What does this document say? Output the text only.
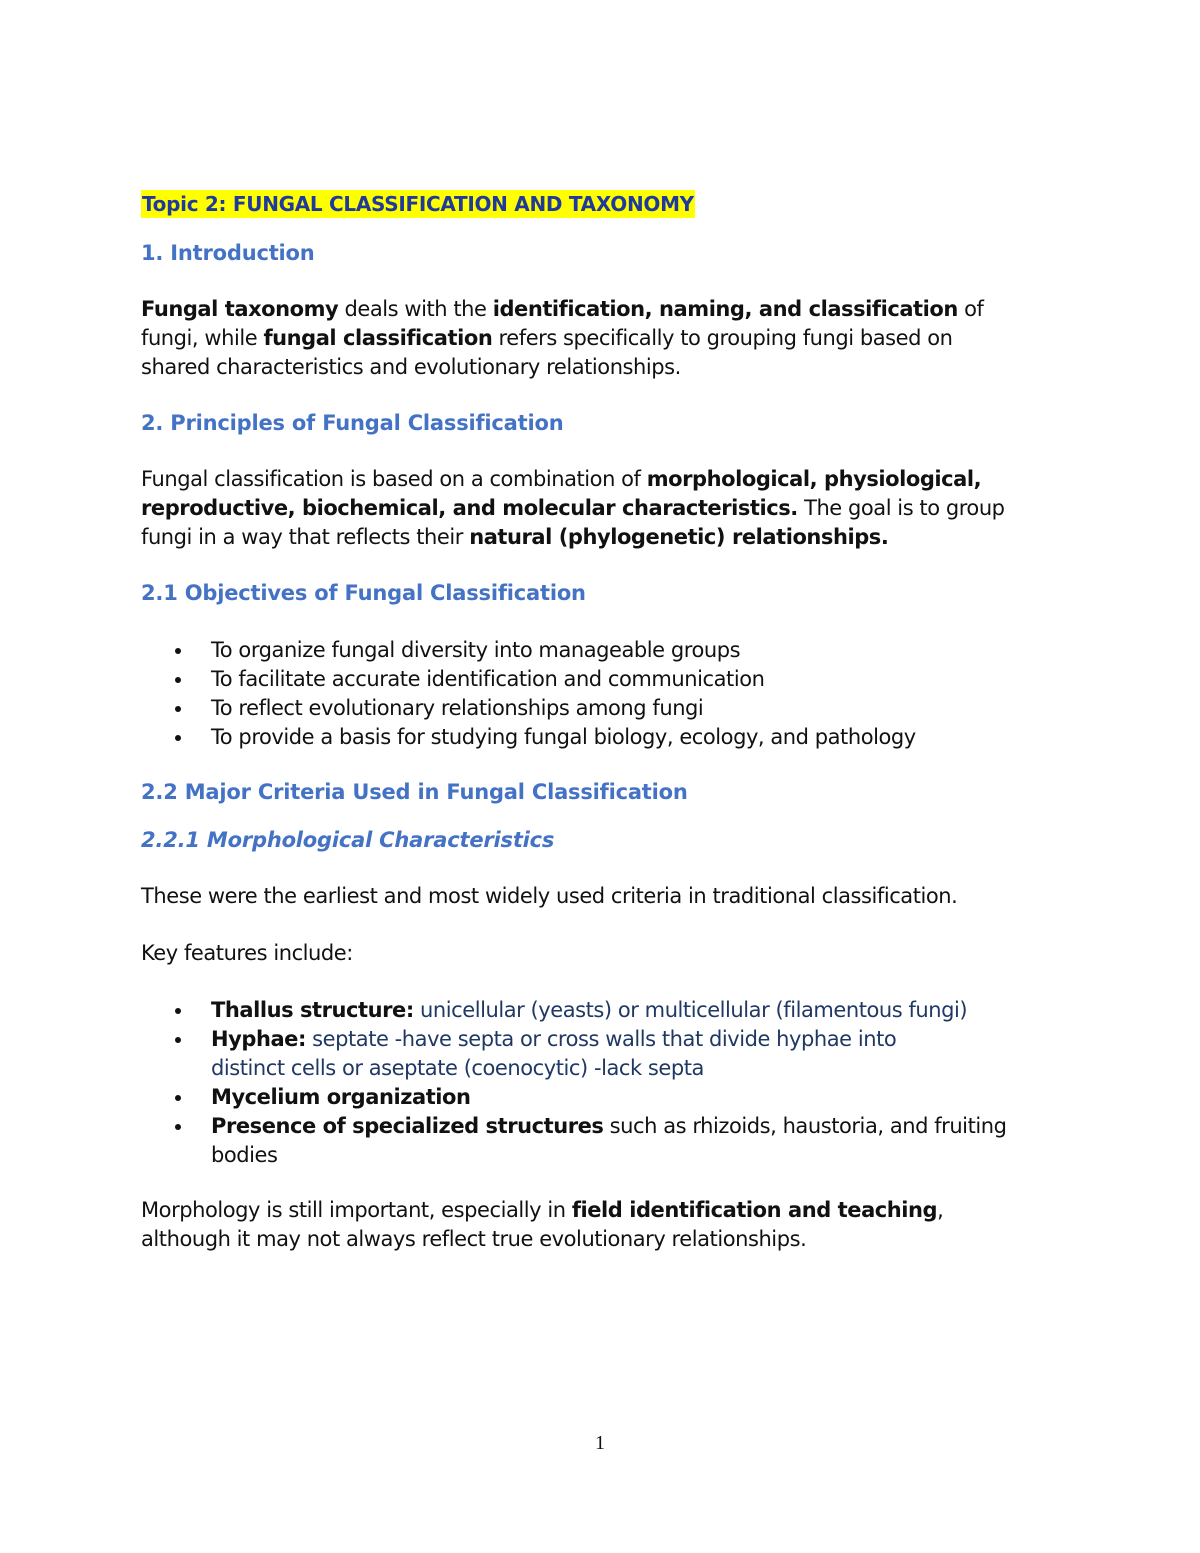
Topic 2: FUNGAL CLASSIFICATION AND TAXONOMY
1. Introduction
Fungal taxonomy deals with the identification, naming, and classification of
fungi, while fungal classification refers specifically to grouping fungi based on
shared characteristics and evolutionary relationships.
2. Principles of Fungal Classification
Fungal classification is based on a combination of morphological, physiological,
reproductive, biochemical, and molecular characteristics. The goal is to group
fungi in a way that reflects their natural (phylogenetic) relationships.
2.1 Objectives of Fungal Classification
To organize fungal diversity into manageable groups
To facilitate accurate identification and communication
To reflect evolutionary relationships among fungi
To provide a basis for studying fungal biology, ecology, and pathology
2.2 Major Criteria Used in Fungal Classification
2.2.1 Morphological Characteristics
These were the earliest and most widely used criteria in traditional classification.
Key features include:
Thallus structure: unicellular (yeasts) or multicellular (filamentous fungi)
Hyphae: septate -have septa or cross walls that divide hyphae into
distinct cells or aseptate (coenocytic) -lack septa
Mycelium organization
Presence of specialized structures such as rhizoids, haustoria, and fruiting
bodies
Morphology is still important, especially in field identification and teaching,
although it may not always reflect true evolutionary relationships.
1
